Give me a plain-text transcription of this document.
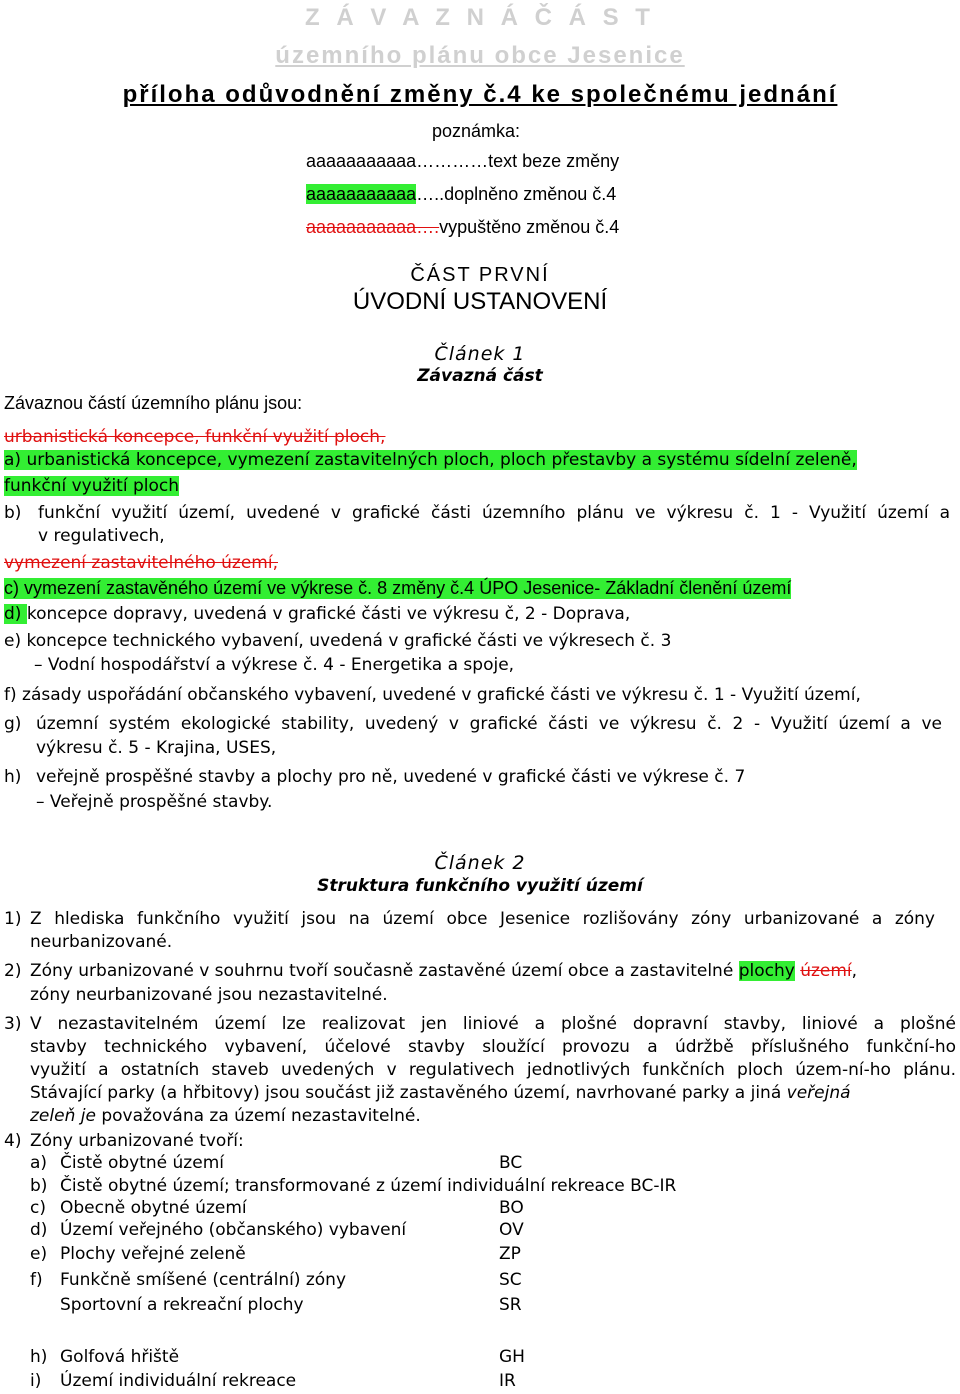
Z Á V A Z N Á Č Á S T
územního plánu obce Jesenice
příloha odůvodnění změny č.4 ke společnému jednání
poznámka:
aaaaaaaaaaa…………text beze změny
aaaaaaaaaaa…..doplněno změnou č.4
aaaaaaaaaaa….vypuštěno změnou č.4
ČÁST PRVNÍ
ÚVODNÍ USTANOVENÍ
Článek 1
Závazná část
Závaznou částí územního plánu jsou:
urbanistická koncepce, funkční využití ploch,
a) urbanistická koncepce, vymezení zastavitelných ploch, ploch přestavby a systému sídelní zeleně,
funkční využití ploch
b) funkční využití území, uvedené v grafické části územního plánu ve výkresu č. 1 - Využití území a
v regulativech,
vymezení zastavitelného území,
c) vymezení zastavěného území ve výkrese č. 8 změny č.4 ÚPO Jesenice- Základní členění území
d) koncepce dopravy, uvedená v grafické části ve výkresu č, 2 - Doprava,
e) koncepce technického vybavení, uvedená v grafické části ve výkresech č. 3
– Vodní hospodářství a výkrese č. 4 - Energetika a spoje,
f) zásady uspořádání občanského vybavení, uvedené v grafické části ve výkresu č. 1 - Využití území,
g) územní systém ekologické stability, uvedený v grafické části ve výkresu č. 2 - Využití území a ve
výkresu č. 5 - Krajina, USES,
h) veřejně prospěšné stavby a plochy pro ně, uvedené v grafické části ve výkrese č. 7
– Veřejně prospěšné stavby.
Článek 2
Struktura funkčního využití území
1) Z hlediska funkčního využití jsou na území obce Jesenice rozlišovány zóny urbanizované a zóny
neurbanizované.
2) Zóny urbanizované v souhrnu tvoří současně zastavěné území obce a zastavitelné plochy území,
zóny neurbanizované jsou nezastavitelné.
3) V nezastavitelném území lze realizovat jen liniové a plošné dopravní stavby, liniové a plošné
stavby technického vybavení, účelové stavby sloužící provozu a údržbě příslušného funkční-ho
využití a ostatních staveb uvedených v regulativech jednotlivých funkčních ploch územ-ní-ho plánu.
Stávající parky (a hřbitovy) jsou součást již zastavěného území, navrhované parky a jiná veřejná
zeleň je považována za území nezastavitelné.
4) Zóny urbanizované tvoří:
a) Čistě obytné území	BC
b) Čistě obytné území; transformované z území individuální rekreace BC-IR
c) Obecně obytné území	BO
d) Území veřejného (občanského) vybavení	OV
e) Plochy veřejné zeleně	ZP
f) Funkčně smíšené (centrální) zóny	SC
Sportovní a rekreační plochy	SR
h) Golfová hřiště	GH
i) Území individuální rekreace	IR
